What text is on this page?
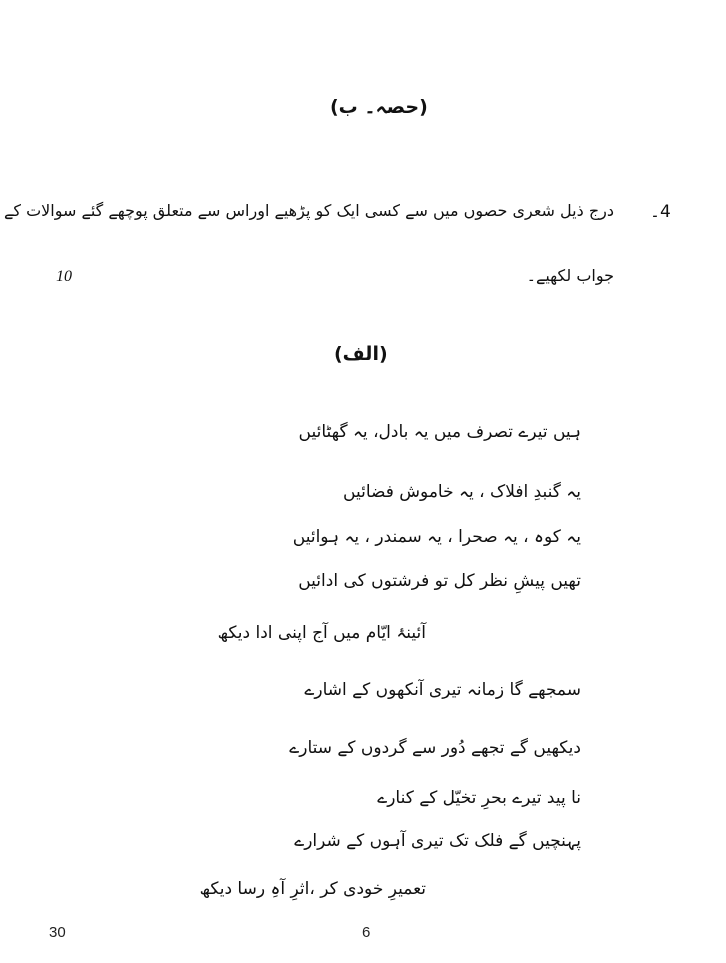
(حصہ۔ ب)
4۔
درج ذیل شعری حصوں میں سے کسی ایک کو پڑھیے اوراس سے متعلق پوچھے گئے سوالات کے
جواب لکھیے۔
10
(الف)
ہیں تیرے تصرف میں یہ بادل، یہ گھٹائیں
یہ گنبدِ افلاک ، یہ خاموش فضائیں
یہ کوہ ، یہ صحرا ، یہ سمندر ، یہ ہوائیں
تھیں پیشِ نظر کل تو فرشتوں کی ادائیں
آئینۂ ایّام میں آج اپنی ادا دیکھ
سمجھے گا زمانہ تیری آنکھوں کے اشارے
دیکھیں گے تجھے دُور سے گردوں کے ستارے
نا پید تیرے بحرِ تخیّل کے کنارے
پہنچیں گے فلک تک تیری آہوں کے شرارے
تعمیرِ خودی کر ،اثرِ آہِ رسا دیکھ
30	6
